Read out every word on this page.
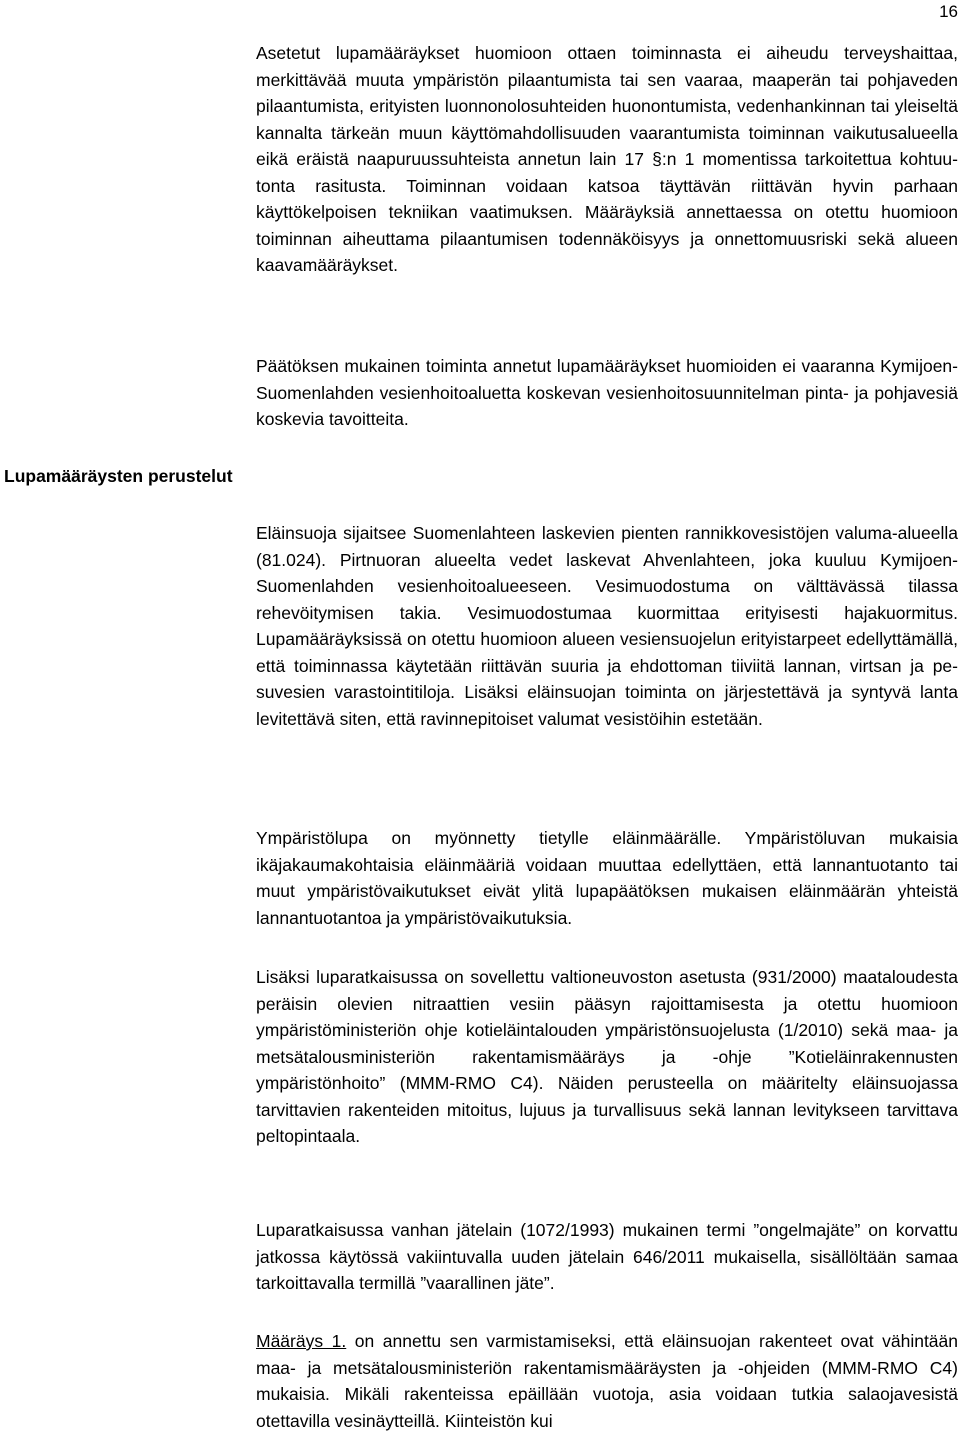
16
Lupamääräysten perustelut

Asetetut lupamääräykset huomioon ottaen toiminnasta ei aiheudu terveyshaittaa, merkittävää muuta ympäristön pilaantumista tai sen vaaraa, maaperän tai pohjaveden pilaantumista, erityisten luonnonolosuhteiden huonontumista, vedenhankinnan tai yleiseltä kannalta tärkeän muun käyttömahdollisuuden vaarantumista toiminnan vaikutusalueella eikä eräistä naapuruussuhteista annetun lain 17 §:n 1 momentissa tarkoitettua kohtuutonta rasitusta. Toiminnan voidaan katsoa täyttävän riittävän hyvin parhaan käyttökelpoisen tekniikan vaatimuksen. Määräyksiä annettaessa on otettu huomioon toiminnan aiheuttama pilaantumisen todennäköisyys ja onnettomuusriski sekä alueen kaavamääräykset.

Päätöksen mukainen toiminta annetut lupamääräykset huomioiden ei vaaranna Kymijoen-Suomenlahden vesienhoitoaluetta koskevan vesienhoitosuunnitelman pinta- ja pohjavesiä koskevia tavoitteita.

Eläinsuoja sijaitsee Suomenlahteen laskevien pienten rannikkovesistöjen valuma-alueella (81.024). Pirtnuoran alueelta vedet laskevat Ahvenlahteen, joka kuuluu Kymijoen-Suomenlahden vesienhoitoalueeseen. Vesimuodostuma on välttävässä tilassa rehevöitymisen takia. Vesimuodostumaa kuormittaa erityisesti hajakuormitus. Lupamääräyksissä on otettu huomioon alueen vesiensuojelun erityistarpeet edellyttämällä, että toiminnassa käytetään riittävän suuria ja ehdottoman tiiviitä lannan, virtsan ja pesuvesien varastointitiloja. Lisäksi eläinsuojan toiminta on järjestettävä ja syntyvä lanta levitettävä siten, että ravinnepitoiset valumat vesistöihin estetään.

Ympäristölupa on myönnetty tietylle eläinmäärälle. Ympäristöluvan mukaisia ikäjakaumakohtaisia eläinmääriä voidaan muuttaa edellyttäen, että lannantuotanto tai muut ympäristövaikutukset eivät ylitä lupapäätöksen mukaisen eläinmäärän yhteistä lannantuotantoa ja ympäristövaikutuksia.

Lisäksi luparatkaisussa on sovellettu valtioneuvoston asetusta (931/2000) maataloudesta peräisin olevien nitraattien vesiin pääsyn rajoittamisesta ja otettu huomioon ympäristöministeriön ohje kotieläintalouden ympäristönsuojelusta (1/2010) sekä maa- ja metsätalousministeriön rakentamismääräys ja -ohje ”Kotieläinrakennusten ympäristönhoito” (MMM-RMO C4). Näiden perusteella on määritelty eläinsuojassa tarvittavien rakenteiden mitoitus, lujuus ja turvallisuus sekä lannan levitykseen tarvittava peltopintaala.

Luparatkaisussa vanhan jätelain (1072/1993) mukainen termi ”ongelmajäte” on korvattu jatkossa käytössä vakiintuvalla uuden jätelain 646/2011 mukaisella, sisällöltään samaa tarkoittavalla termillä ”vaarallinen jäte”.

Määräys 1. on annettu sen varmistamiseksi, että eläinsuojan rakenteet ovat vähintään maa- ja metsätalousministeriön rakentamismääräysten ja -ohjeiden (MMM-RMO C4) mukaisia. Mikäli rakenteissa epäillään vuotoja, asia voidaan tutkia salaojavesistä otettavilla vesinäytteillä. Kiinteistön kui
